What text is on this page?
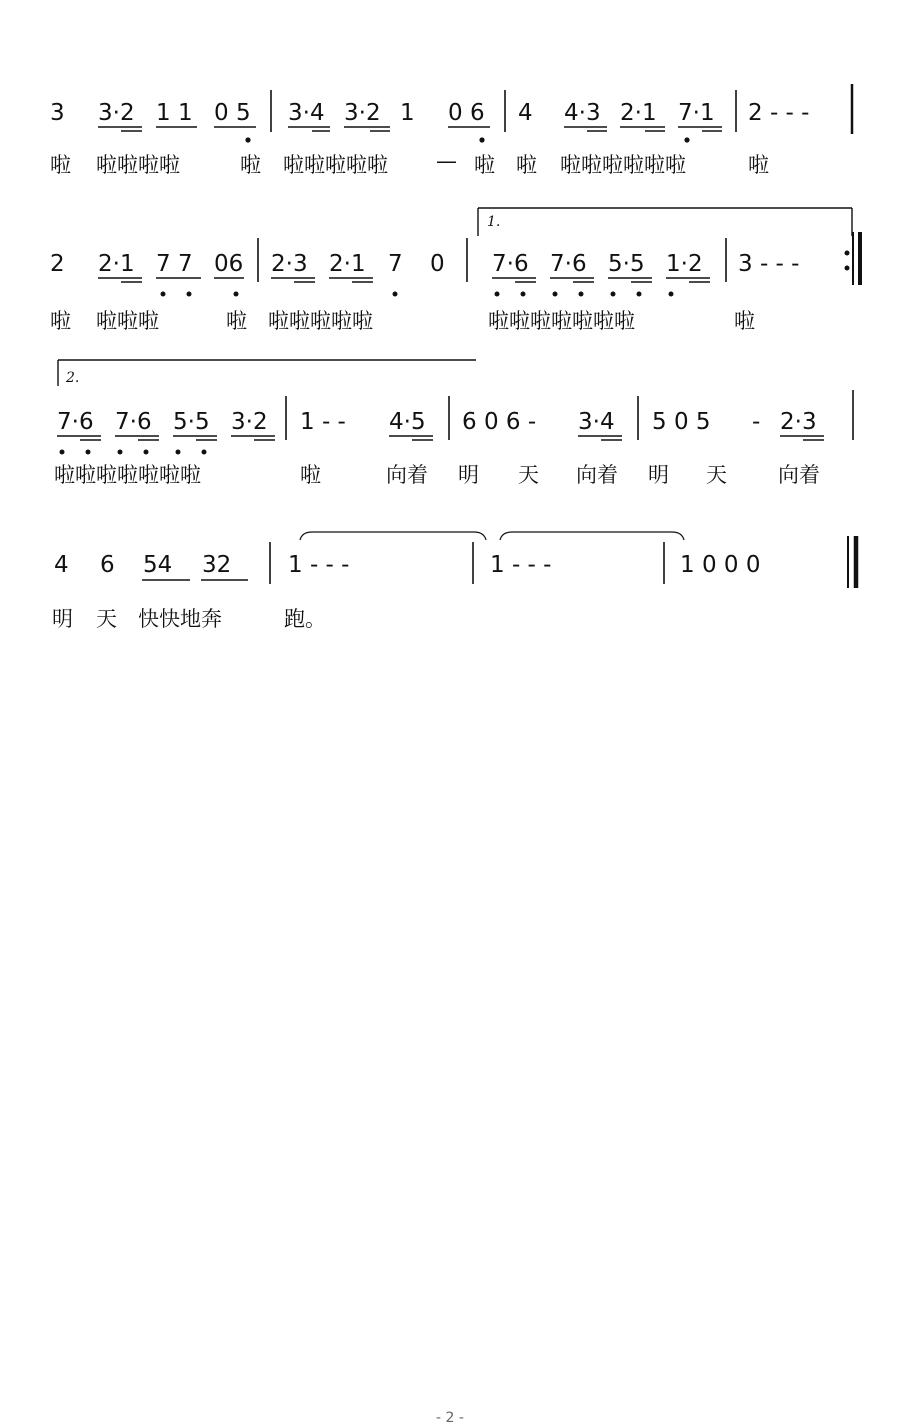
3 3·2 1 1 0 5 3·4 3·2 1 0 6 4 4·3 2·1 7·1 2 - - -
啦 啦啦啦啦	啦 啦啦啦啦啦 — 啦 啦 啦啦啦啦啦啦	啦
1.
2 2·1 7 7 06 2·3 2·1 7 0 7·6 7·6 5·5 1·2 3 - - -
啦 啦啦啦	啦 啦啦啦啦啦	啦啦啦啦啦啦啦	啦
2.
7·6 7·6 5·5 3·2 1 - - 4·5 6 0 6 - 3·4 5 0 5 - 2·3
啦啦啦啦啦啦啦	啦	向着 明 天 向着 明 天 向着
4 6 54 32 1 - - -	1 - - -	1 0 0 0
明 天 快快地奔	跑。
- 2 -
